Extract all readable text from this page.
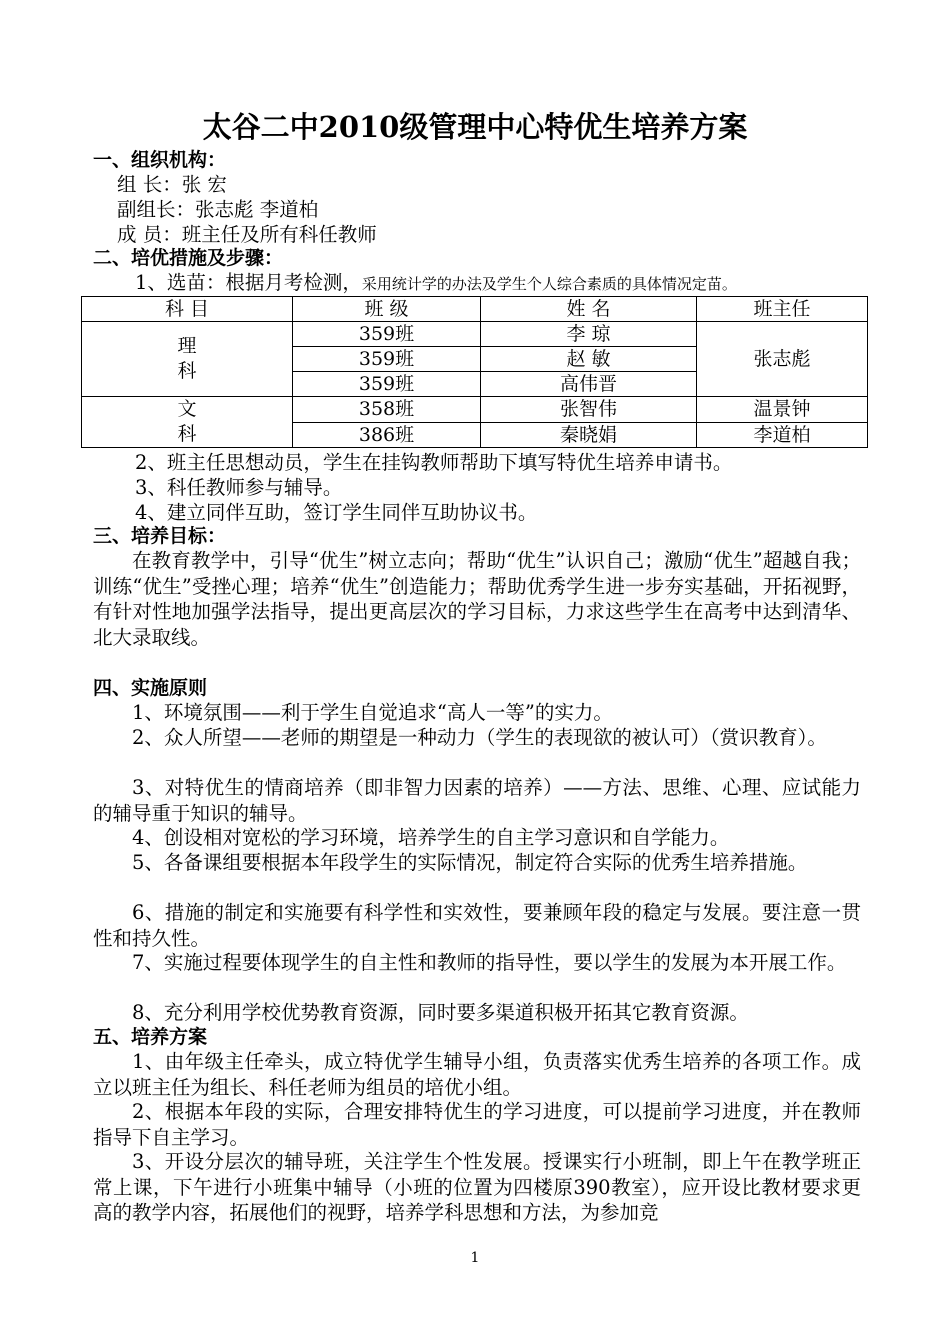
太谷二中2010级管理中心特优生培养方案
一、组织机构：
组 长：张 宏
副组长：张志彪 李道柏
成 员：班主任及所有科任教师
二、培优措施及步骤：
1、选苗：根据月考检测，采用统计学的办法及学生个人综合素质的具体情况定苗。
科 目	班 级	姓 名	班主任

理
科	359班	李 琼	张志彪
	359班	赵 敏	
	359班	高伟晋	

文
科	358班	张智伟	温景钟
	386班	秦晓娟	李道柏
2、班主任思想动员，学生在挂钩教师帮助下填写特优生培养申请书。
3、科任教师参与辅导。
4、建立同伴互助，签订学生同伴互助协议书。
三、培养目标：
在教育教学中，引导“优生”树立志向；帮助“优生”认识自己；激励“优生”超越自我；训练“优生”受挫心理；培养“优生”创造能力；帮助优秀学生进一步夯实基础，开拓视野，有针对性地加强学法指导，提出更高层次的学习目标，力求这些学生在高考中达到清华、北大录取线。
四、实施原则
1、环境氛围——利于学生自觉追求“高人一等”的实力。
2、众人所望——老师的期望是一种动力（学生的表现欲的被认可）（赏识教育）。
3、对特优生的情商培养（即非智力因素的培养）——方法、思维、心理、应试能力的辅导重于知识的辅导。
4、创设相对宽松的学习环境，培养学生的自主学习意识和自学能力。
5、各备课组要根据本年段学生的实际情况，制定符合实际的优秀生培养措施。
6、措施的制定和实施要有科学性和实效性，要兼顾年段的稳定与发展。要注意一贯性和持久性。
7、实施过程要体现学生的自主性和教师的指导性，要以学生的发展为本开展工作。
8、充分利用学校优势教育资源，同时要多渠道积极开拓其它教育资源。
五、培养方案
1、由年级主任牵头，成立特优学生辅导小组，负责落实优秀生培养的各项工作。成立以班主任为组长、科任老师为组员的培优小组。
2、根据本年段的实际，合理安排特优生的学习进度，可以提前学习进度，并在教师指导下自主学习。
3、开设分层次的辅导班，关注学生个性发展。授课实行小班制，即上午在教学班正常上课，下午进行小班集中辅导（小班的位置为四楼原390教室），应开设比教材要求更高的教学内容，拓展他们的视野，培养学科思想和方法，为参加竞
1
